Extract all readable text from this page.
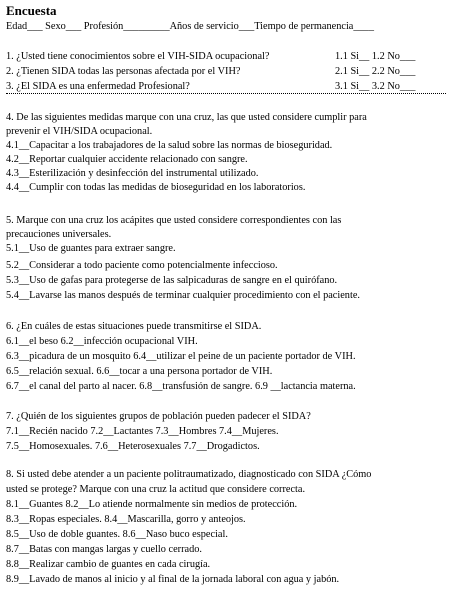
Encuesta
Edad___ Sexo___ Profesión_________Años de servicio___Tiempo de permanencia____
1. ¿Usted tiene conocimientos sobre el VIH-SIDA ocupacional?	1.1 Si__ 1.2 No___
2. ¿Tienen SIDA todas las personas afectada por el VIH?	2.1 Si__ 2.2 No___
3. ¿El SIDA es una enfermedad Profesional?	3.1 Si__ 3.2 No___
4. De las siguientes medidas marque con una cruz, las que usted considere cumplir para
prevenir el VIH/SIDA ocupacional.
4.1__Capacitar a los trabajadores de la salud sobre las normas de bioseguridad.
4.2__Reportar cualquier accidente relacionado con sangre.
4.3__Esterilización y desinfección del instrumental utilizado.
4.4__Cumplir con todas las medidas de bioseguridad en los laboratorios.
5. Marque con una cruz los acápites que usted considere correspondientes con las
precauciones universales.
5.1__Uso de guantes para extraer sangre.
5.2__Considerar a todo paciente como potencialmente infeccioso.
5.3__Uso de gafas para protegerse de las salpicaduras de sangre en el quirófano.
5.4__Lavarse las manos después de terminar cualquier procedimiento con el paciente.
6. ¿En cuáles de estas situaciones puede transmitirse el SIDA.
6.1__el beso 6.2__infección ocupacional VIH.
6.3__picadura de un mosquito 6.4__utilizar el peine de un paciente portador de VIH.
6.5__relación sexual. 6.6__tocar a una persona portador de VIH.
6.7__el canal del parto al nacer. 6.8__transfusión de sangre. 6.9 __lactancia materna.
7. ¿Quién de los siguientes grupos de población pueden padecer el SIDA?
7.1__Recién nacido 7.2__Lactantes 7.3__Hombres 7.4__Mujeres.
7.5__Homosexuales. 7.6__Heterosexuales 7.7__Drogadictos.
8. Si usted debe atender a un paciente politraumatizado, diagnosticado con SIDA ¿Cómo
usted se protege? Marque con una cruz la actitud que considere correcta.
8.1__Guantes 8.2__Lo atiende normalmente sin medios de protección.
8.3__Ropas especiales. 8.4__Mascarilla, gorro y anteojos.
8.5__Uso de doble guantes. 8.6__Naso buco especial.
8.7__Batas con mangas largas y cuello cerrado.
8.8__Realizar cambio de guantes en cada cirugía.
8.9__Lavado de manos al inicio y al final de la jornada laboral con agua y jabón.
